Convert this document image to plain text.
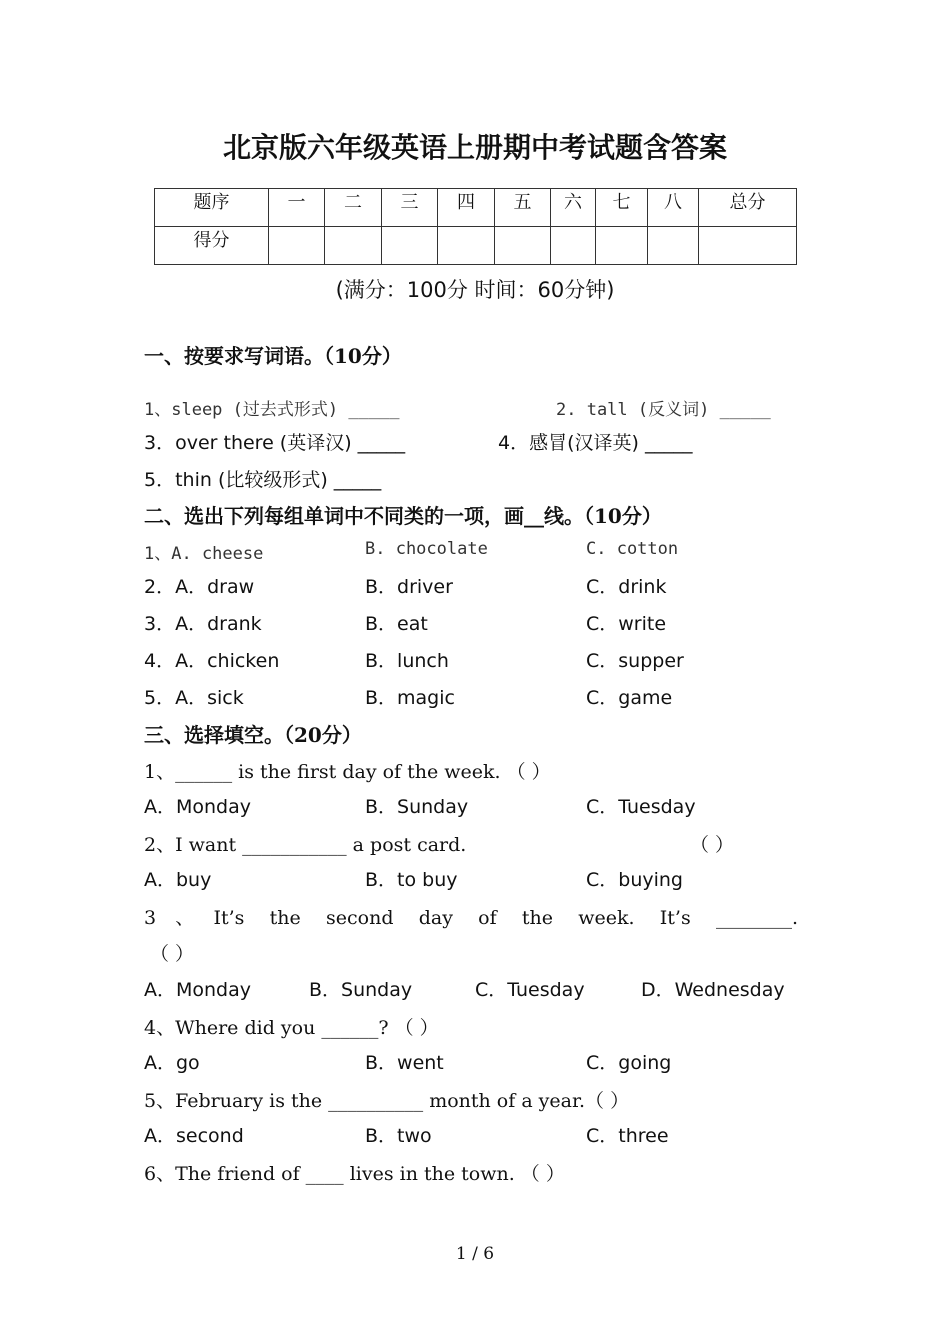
北京版六年级英语上册期中考试题含答案
题序	一	二	三	四	五	六	七	八	总分
得分									
(满分：100分 时间：60分钟)
一、按要求写词语。（10分）
1、sleep (过去式形式) _____	2. tall (反义词) _____
3．over there (英译汉) _____	4．感冒(汉译英) _____
5．thin (比较级形式) _____
二、选出下列每组单词中不同类的一项，画__线。（10分）
1、A. cheese	B. chocolate	C. cotton
2．A．draw	B．driver	C．drink
3．A．drank	B．eat	C．write
4．A．chicken	B．lunch	C．supper
5．A．sick	B．magic	C．game
三、选择填空。（20分）
1、______ is the first day of the week. （ ）
A．Monday	B．Sunday	C．Tuesday
2、I want ___________ a post card.	（ ）
A．buy	B．to buy	C．buying
3、It’s the second day of the week. It’s ________.
（ ）
A．Monday	B．Sunday	C．Tuesday	D．Wednesday
4、Where did you ______? （ ）
A．go	B．went	C．going
5、February is the __________ month of a year.（ ）
A．second	B．two	C．three
6、The friend of ____ lives in the town. （ ）
1 / 6
